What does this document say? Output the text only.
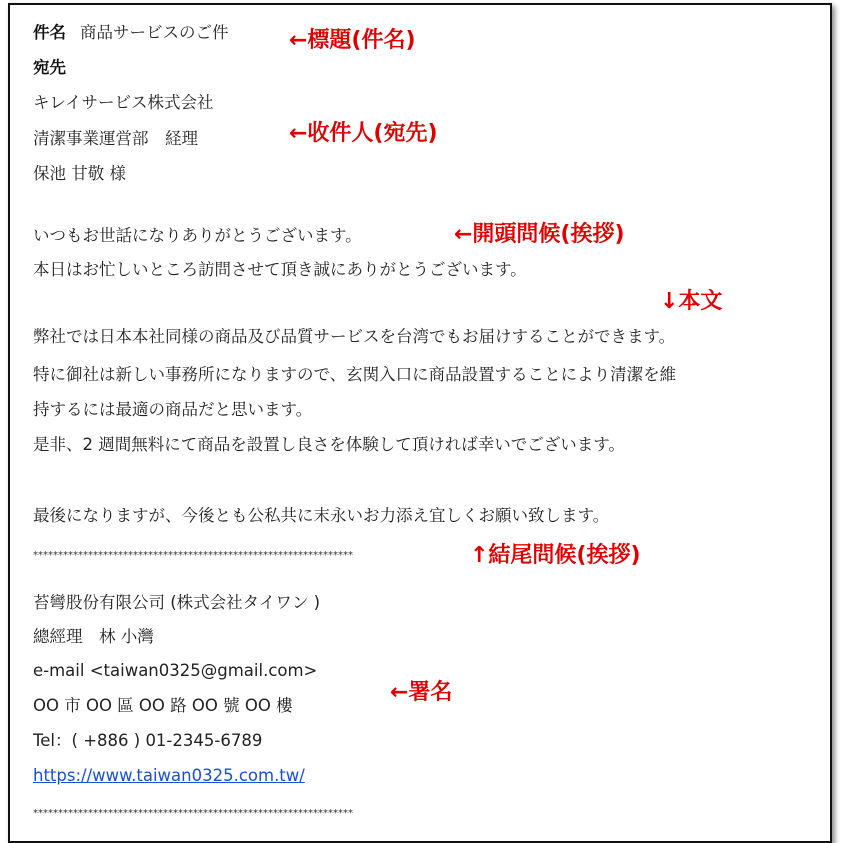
件名 商品サービスのご件	←標題(件名)
宛先
キレイサービス株式会社
清潔事業運営部　経理	←收件人(宛先)
保池 甘敬 様
いつもお世話になりありがとうございます。	←開頭問候(挨拶)
本日はお忙しいところ訪問させて頂き誠にありがとうございます。
↓本文
弊社では日本本社同様の商品及び品質サービスを台湾でもお届けすることができます。
特に御社は新しい事務所になりますので、玄関入口に商品設置することにより清潔を維
持するには最適の商品だと思います。
是非、2 週間無料にて商品を設置し良さを体験して頂ければ幸いでございます。
最後になりますが、今後とも公私共に末永いお力添え宜しくお願い致します。
****************************************************************	↑結尾問候(挨拶)
苔彎股份有限公司 (株式会社タイワン )
總經理　林 小灣
e-mail <taiwan0325@gmail.com>
OO 市 OO 區 OO 路 OO 號 OO 樓
←署名
Tel：( +886 ) 01-2345-6789
https://www.taiwan0325.com.tw/
****************************************************************
